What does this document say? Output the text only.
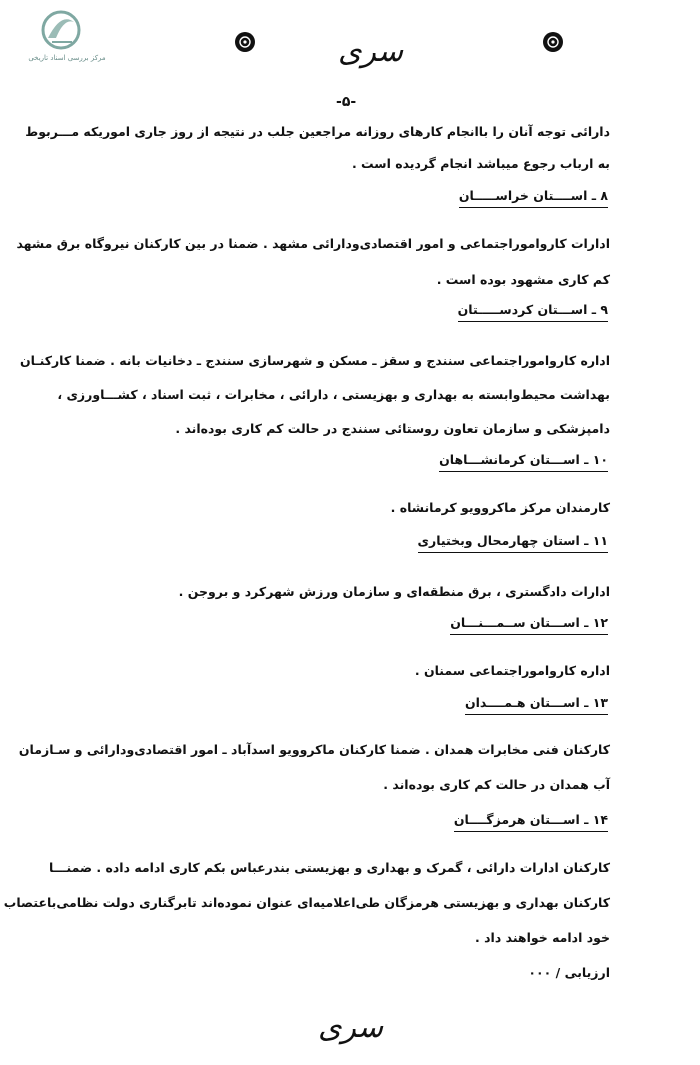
مرکز بررسی اسناد تاریخی	سری
-۵-
دارائی توجه آنان را باانجام کارهای روزانه مراجعین جلب در نتیجه از روز جاری اموریکه مـــربوط
به ارباب رجوع میباشد انجام گردیده است .
۸ ـ اســــتان خراســـــان
ادارات کارواموراجتماعی و امور اقتصادی‌ودارائی مشهد . ضمنا در بین کارکنان نیروگاه برق مشهد
کم کاری مشهود بوده است .
۹ ـ اســـتان کردســـــتان
اداره کارواموراجتماعی سنندج و سقز ـ مسکن و شهرسازی سنندج ـ دخانیات بانه . ضمنا کارکنـان
بهداشت محیط‌وابسته به بهداری و بهزیستی ، دارائی ، مخابرات ، ثبت اسناد ، کشـــاورزی ،
دامپزشکی و سازمان تعاون روستائی سنندج در حالت کم کاری بوده‌اند .
۱۰ ـ اســـتان کرمانشـــاهان
کارمندان مرکز ماکروویو کرمانشاه .
۱۱ ـ استان چهارمحال وبختیاری
ادارات دادگستری ، برق منطقه‌ای و سازمان ورزش شهرکرد و بروجن .
۱۲ ـ اســـتان ســمـــنـــان
اداره کارواموراجتماعی سمنان .
۱۳ ـ اســـتان هـمــــدان
کارکنان فنی مخابرات همدان . ضمنا کارکنان ماکروویو اسدآباد ـ امور اقتصادی‌ودارائی و سـازمان
آب همدان در حالت کم کاری بوده‌اند .
۱۴ ـ اســـتان هرمزگــــان
کارکنان ادارات دارائی ، گمرک و بهداری و بهزیستی بندرعباس بکم کاری ادامه داده . ضمنـــا
کارکنان بهداری و بهزیستی هرمزگان طی‌اعلامیه‌ای عنوان نموده‌اند تابرگناری دولت نظامی‌باعتصاب
خود ادامه خواهند داد .
ارزیابی / ۰۰۰
سری
